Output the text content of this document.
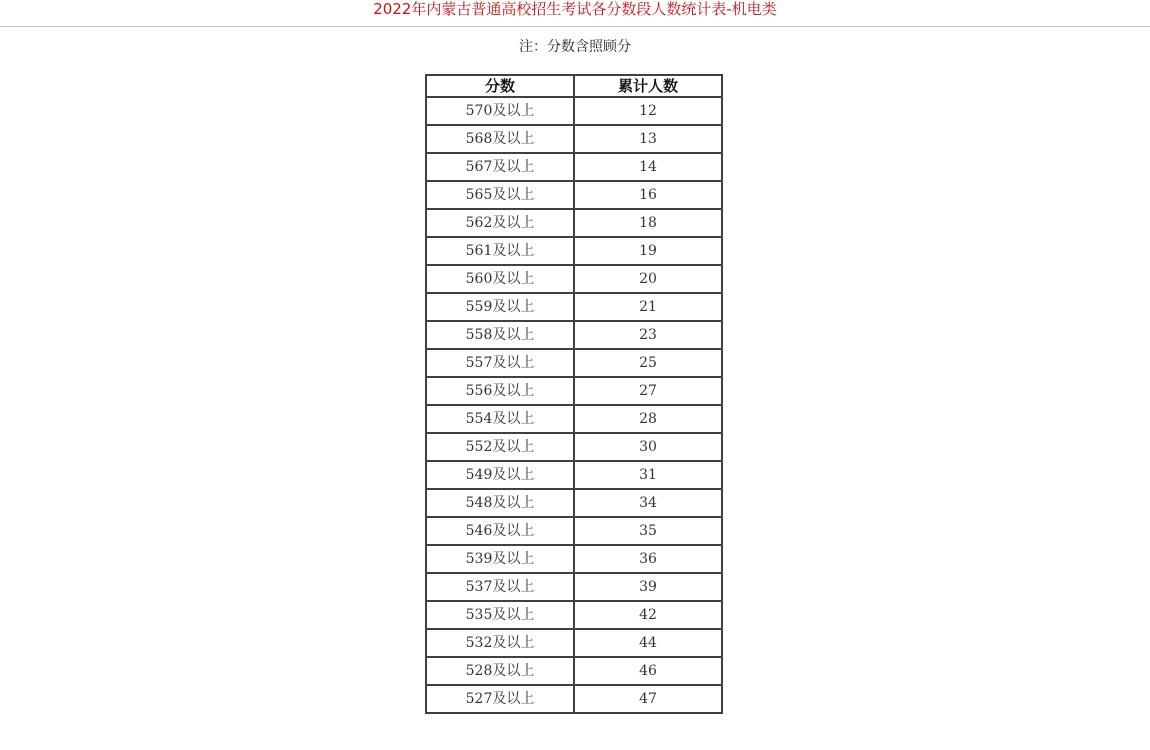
2022年内蒙古普通高校招生考试各分数段人数统计表-机电类
注：分数含照顾分
分数	累计人数
570及以上	12
568及以上	13
567及以上	14
565及以上	16
562及以上	18
561及以上	19
560及以上	20
559及以上	21
558及以上	23
557及以上	25
556及以上	27
554及以上	28
552及以上	30
549及以上	31
548及以上	34
546及以上	35
539及以上	36
537及以上	39
535及以上	42
532及以上	44
528及以上	46
527及以上	47
